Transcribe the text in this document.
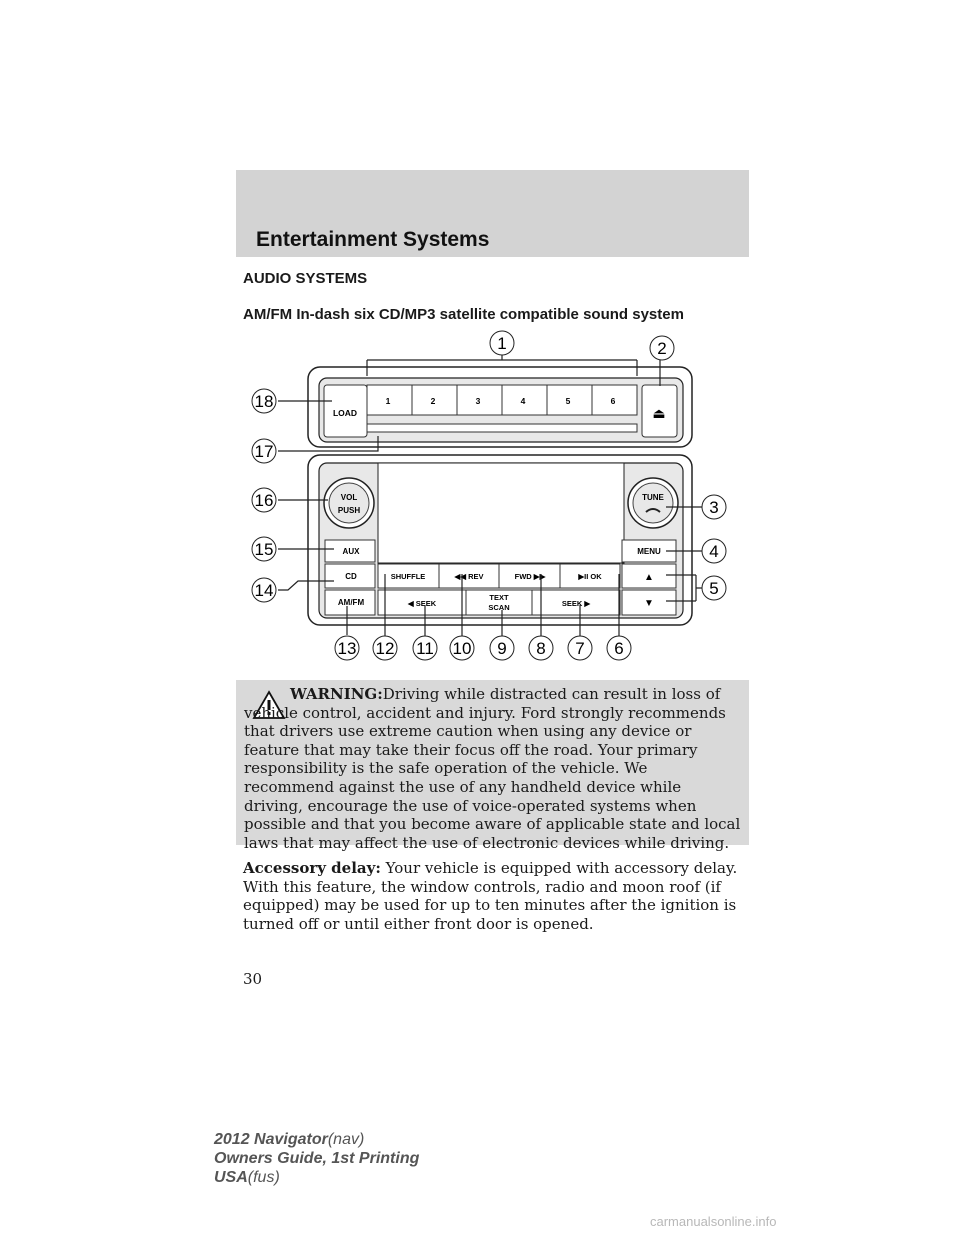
Entertainment Systems
AUDIO SYSTEMS
AM/FM In-dash six CD/MP3 satellite compatible sound system
LOAD
1	2	3	4	5	6
⏏
VOL
PUSH
TUNE
AUX
CD
AM/FM
MENU
▲
▼
SHUFFLE	◀◀ REV	FWD ▶▶	▶II OK
◀ SEEK
TEXT
SCAN	SEEK ▶
1	2
3
4
5
6
7
8
9
10
11
12
13
14
15
16
17
18
WARNING:Driving while distracted can result in loss of vehicle control, accident and injury. Ford strongly recommends that drivers use extreme caution when using any device or feature that may take their focus off the road. Your primary responsibility is the safe operation of the vehicle. We recommend against the use of any handheld device while driving, encourage the use of voice-operated systems when possible and that you become aware of applicable state and local laws that may affect the use of electronic devices while driving.
Accessory delay: Your vehicle is equipped with accessory delay. With this feature, the window controls, radio and moon roof (if equipped) may be used for up to ten minutes after the ignition is turned off or until either front door is opened.
30
2012 Navigator(nav)
Owners Guide, 1st Printing
USA(fus)
carmanualsonline.info
